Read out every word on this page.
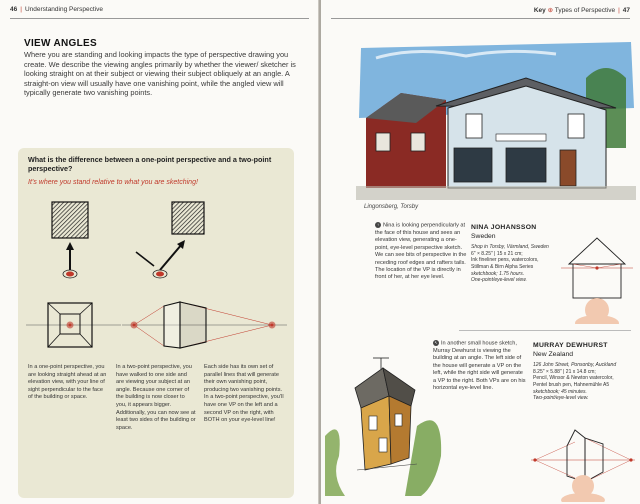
46 | Understanding Perspective
VIEW ANGLES

Where you are standing and looking impacts the type of perspective drawing you create. We describe the viewing angles primarily by whether the viewer/ sketcher is looking straight on at their subject or viewing their subject obliquely at an angle. A straight-on view will usually have one vanishing point, while the angled view will typically generate two vanishing points.

What is the difference between a one-point perspective and a two-point perspective?
It’s where you stand relative to what you are sketching!
In a one-point perspective, you are looking straight ahead at an elevation view, with your line of sight perpendicular to the face of the building or space.
In a two-point perspective, you have walked to one side and are viewing your subject at an angle. Because one corner of the building is now closer to you, it appears bigger. Additionally, you can now see at least two sides of the building or space.
Each side has its own set of parallel lines that will generate their own vanishing point, producing two vanishing points. In a two-point perspective, you’ll have one VP on the left and a second VP on the right, with BOTH on your eye-level line!
Key ⊕ Types of Perspective | 47
Lingonsberg, Torsby

↑ Nina is looking perpendicularly at the face of this house and sees an elevation view, generating a one-point, eye-level perspective sketch. We can see bits of perspective in the receding roof edges and rafters tails. The location of the VP is directly in front of her, at her eye level.

NINA JOHANSSON
Sweden
Shop in Torsby, Värmland, Sweden
6" × 8.25" | 15 x 21 cm;
Ink fineliner pens, watercolors,
Stillman & Birn Alpha Series
sketchbook; 1.75 hours.
One-point/eye-level view.

↖ In another small house sketch, Murray Dewhurst is viewing the building at an angle. The left side of the house will generate a VP on the left, while the right side will generate a VP to the right. Both VPs are on his horizontal eye-level line.

MURRAY DEWHURST
New Zealand
126 John Street, Ponsonby, Auckland
8.25" × 5.88" | 21 x 14.8 cm;
Pencil, Winsor & Newton watercolor,
Pentel brush pen, Hahnemühle A5
sketchbook; 45 minutes.
Two-point/eye-level view.
